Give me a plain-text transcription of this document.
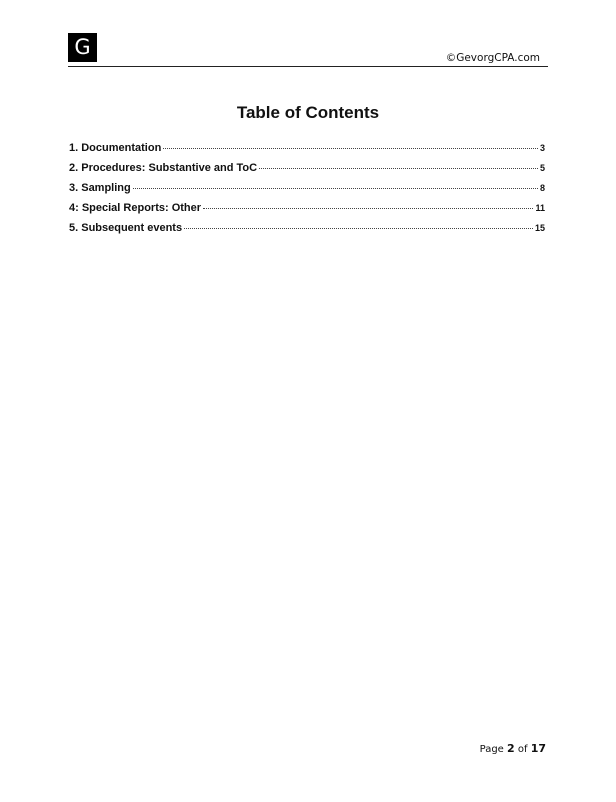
G	©GevorgCPA.com
Table of Contents
1. Documentation	3
2. Procedures: Substantive and ToC	5
3. Sampling	8
4: Special Reports: Other	11
5. Subsequent events	15
Page 2 of 17
